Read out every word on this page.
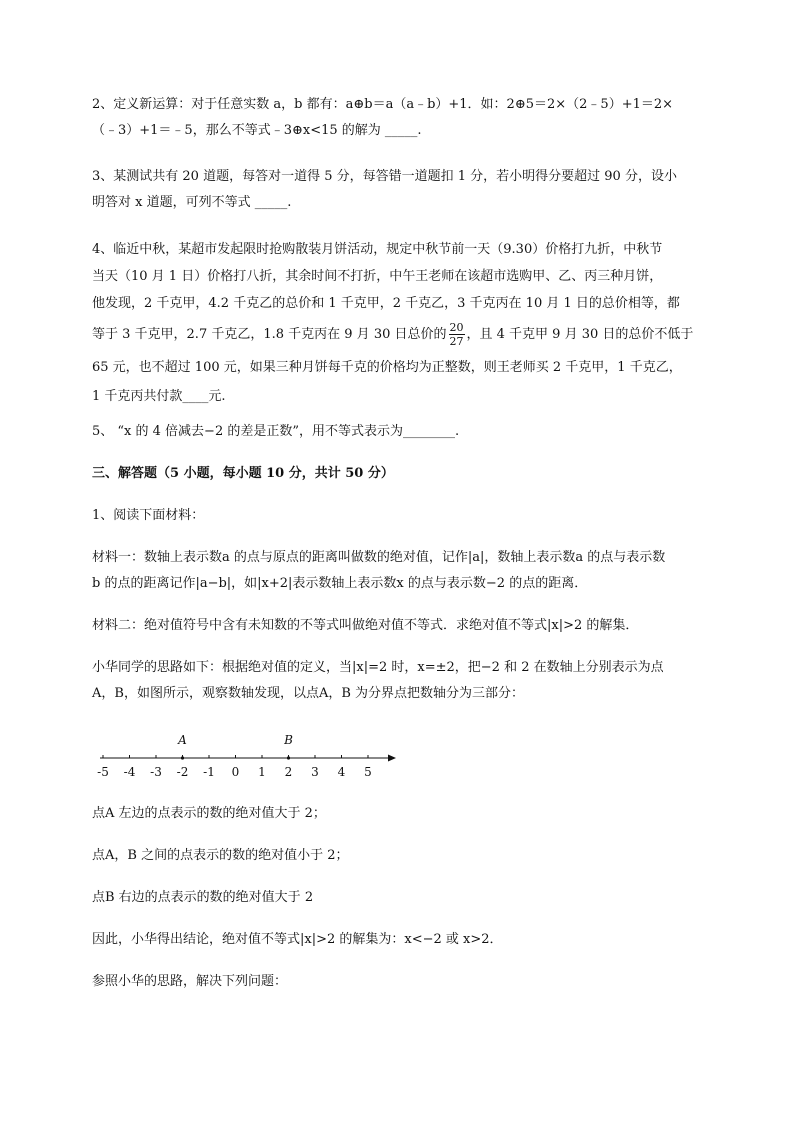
2、定义新运算：对于任意实数 a，b 都有：a⊕b＝a（a﹣b）+1．如：2⊕5＝2×（2﹣5）+1＝2×

（﹣3）+1＝﹣5，那么不等式﹣3⊕x<15 的解为 _____.

3、某测试共有 20 道题，每答对一道得 5 分，每答错一道题扣 1 分，若小明得分要超过 90 分，设小

明答对 x 道题，可列不等式 _____.

4、临近中秋，某超市发起限时抢购散装月饼活动，规定中秋节前一天（9.30）价格打九折，中秋节

当天（10 月 1 日）价格打八折，其余时间不打折，中午王老师在该超市选购甲、乙、丙三种月饼，

他发现，2 千克甲，4.2 千克乙的总价和 1 千克甲，2 千克乙，3 千克丙在 10 月 1 日的总价相等，都

等于 3 千克甲，2.7 千克乙，1.8 千克丙在 9 月 30 日总价的 $\frac{20}{27}$ ，且 4 千克甲 9 月 30 日的总价不低于

65 元，也不超过 100 元，如果三种月饼每千克的价格均为正整数，则王老师买 2 千克甲，1 千克乙，

1 千克丙共付款____元.

5、 “x 的 4 倍减去−2 的差是正数”，用不等式表示为________.

三、解答题（5 小题，每小题 10 分，共计 50 分）

1、阅读下面材料：

材料一：数轴上表示数a 的点与原点的距离叫做数的绝对值，记作|a|，数轴上表示数a 的点与表示数

b 的点的距离记作|a−b|，如|x+2|表示数轴上表示数x 的点与表示数−2 的点的距离．

材料二：绝对值符号中含有未知数的不等式叫做绝对值不等式．求绝对值不等式|x|>2 的解集．

小华同学的思路如下：根据绝对值的定义，当|x|=2 时，x=±2，把−2 和 2 在数轴上分别表示为点

A，B，如图所示，观察数轴发现，以点A，B 为分界点把数轴分为三部分：

-5 -4 -3 -2 -1 0 1 2 3 4 5
A	B

点A 左边的点表示的数的绝对值大于 2；

点A，B 之间的点表示的数的绝对值小于 2；

点B 右边的点表示的数的绝对值大于 2

因此，小华得出结论，绝对值不等式|x|>2 的解集为：x<−2 或 x>2．

参照小华的思路，解决下列问题：
